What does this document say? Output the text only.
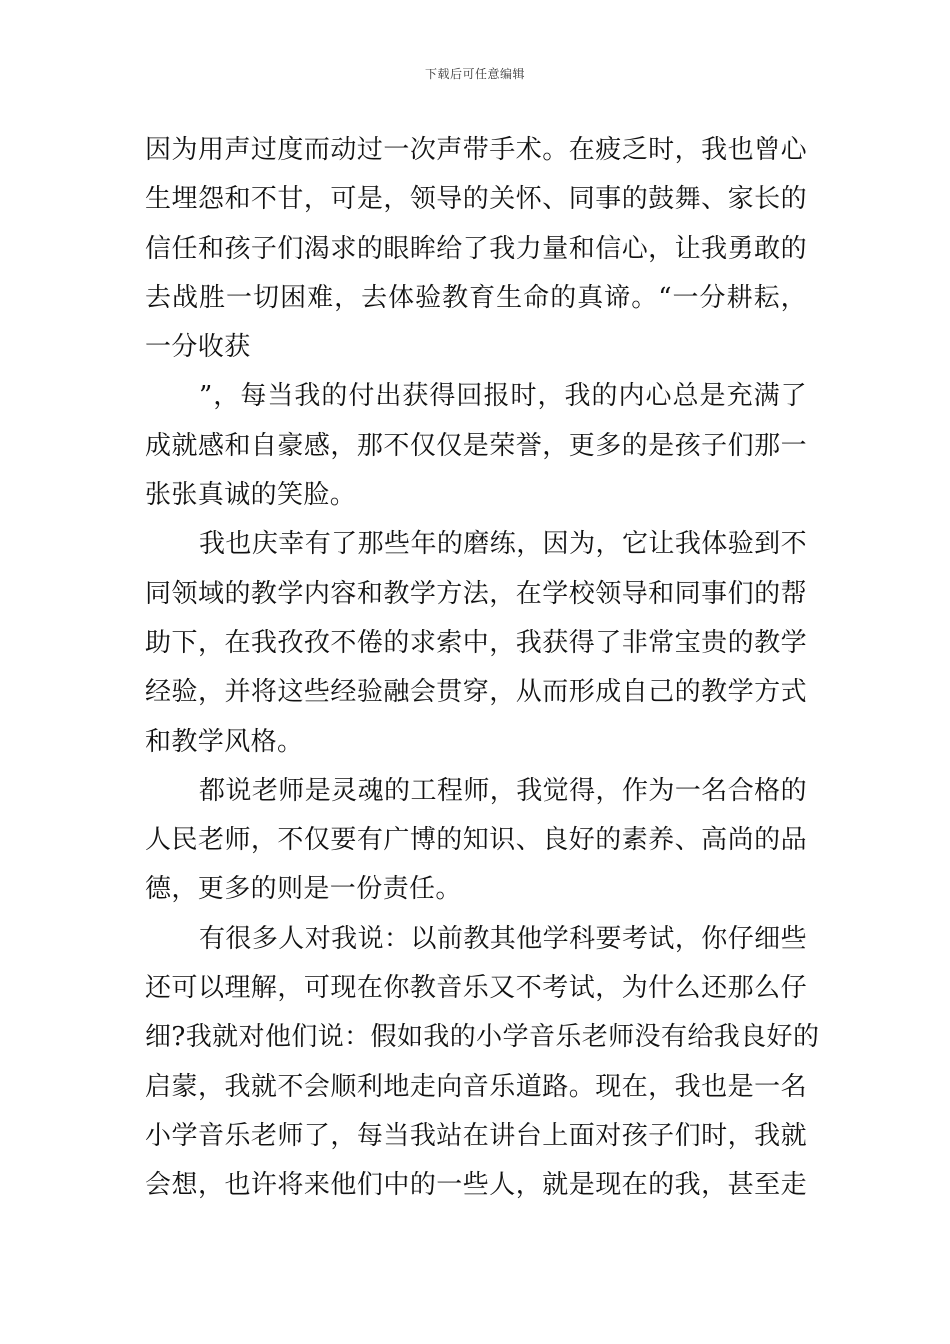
下载后可任意编辑
因为用声过度而动过一次声带手术。在疲乏时，我也曾心
生埋怨和不甘，可是，领导的关怀、同事的鼓舞、家长的
信任和孩子们渴求的眼眸给了我力量和信心，让我勇敢的
去战胜一切困难，去体验教育生命的真谛。“一分耕耘，
一分收获
”，每当我的付出获得回报时，我的内心总是充满了
成就感和自豪感，那不仅仅是荣誉，更多的是孩子们那一
张张真诚的笑脸。
我也庆幸有了那些年的磨练，因为，它让我体验到不
同领域的教学内容和教学方法，在学校领导和同事们的帮
助下，在我孜孜不倦的求索中，我获得了非常宝贵的教学
经验，并将这些经验融会贯穿，从而形成自己的教学方式
和教学风格。
都说老师是灵魂的工程师，我觉得，作为一名合格的
人民老师，不仅要有广博的知识、良好的素养、高尚的品
德，更多的则是一份责任。
有很多人对我说：以前教其他学科要考试，你仔细些
还可以理解，可现在你教音乐又不考试，为什么还那么仔
细?我就对他们说：假如我的小学音乐老师没有给我良好的
启蒙，我就不会顺利地走向音乐道路。现在，我也是一名
小学音乐老师了，每当我站在讲台上面对孩子们时，我就
会想，也许将来他们中的一些人，就是现在的我，甚至走
